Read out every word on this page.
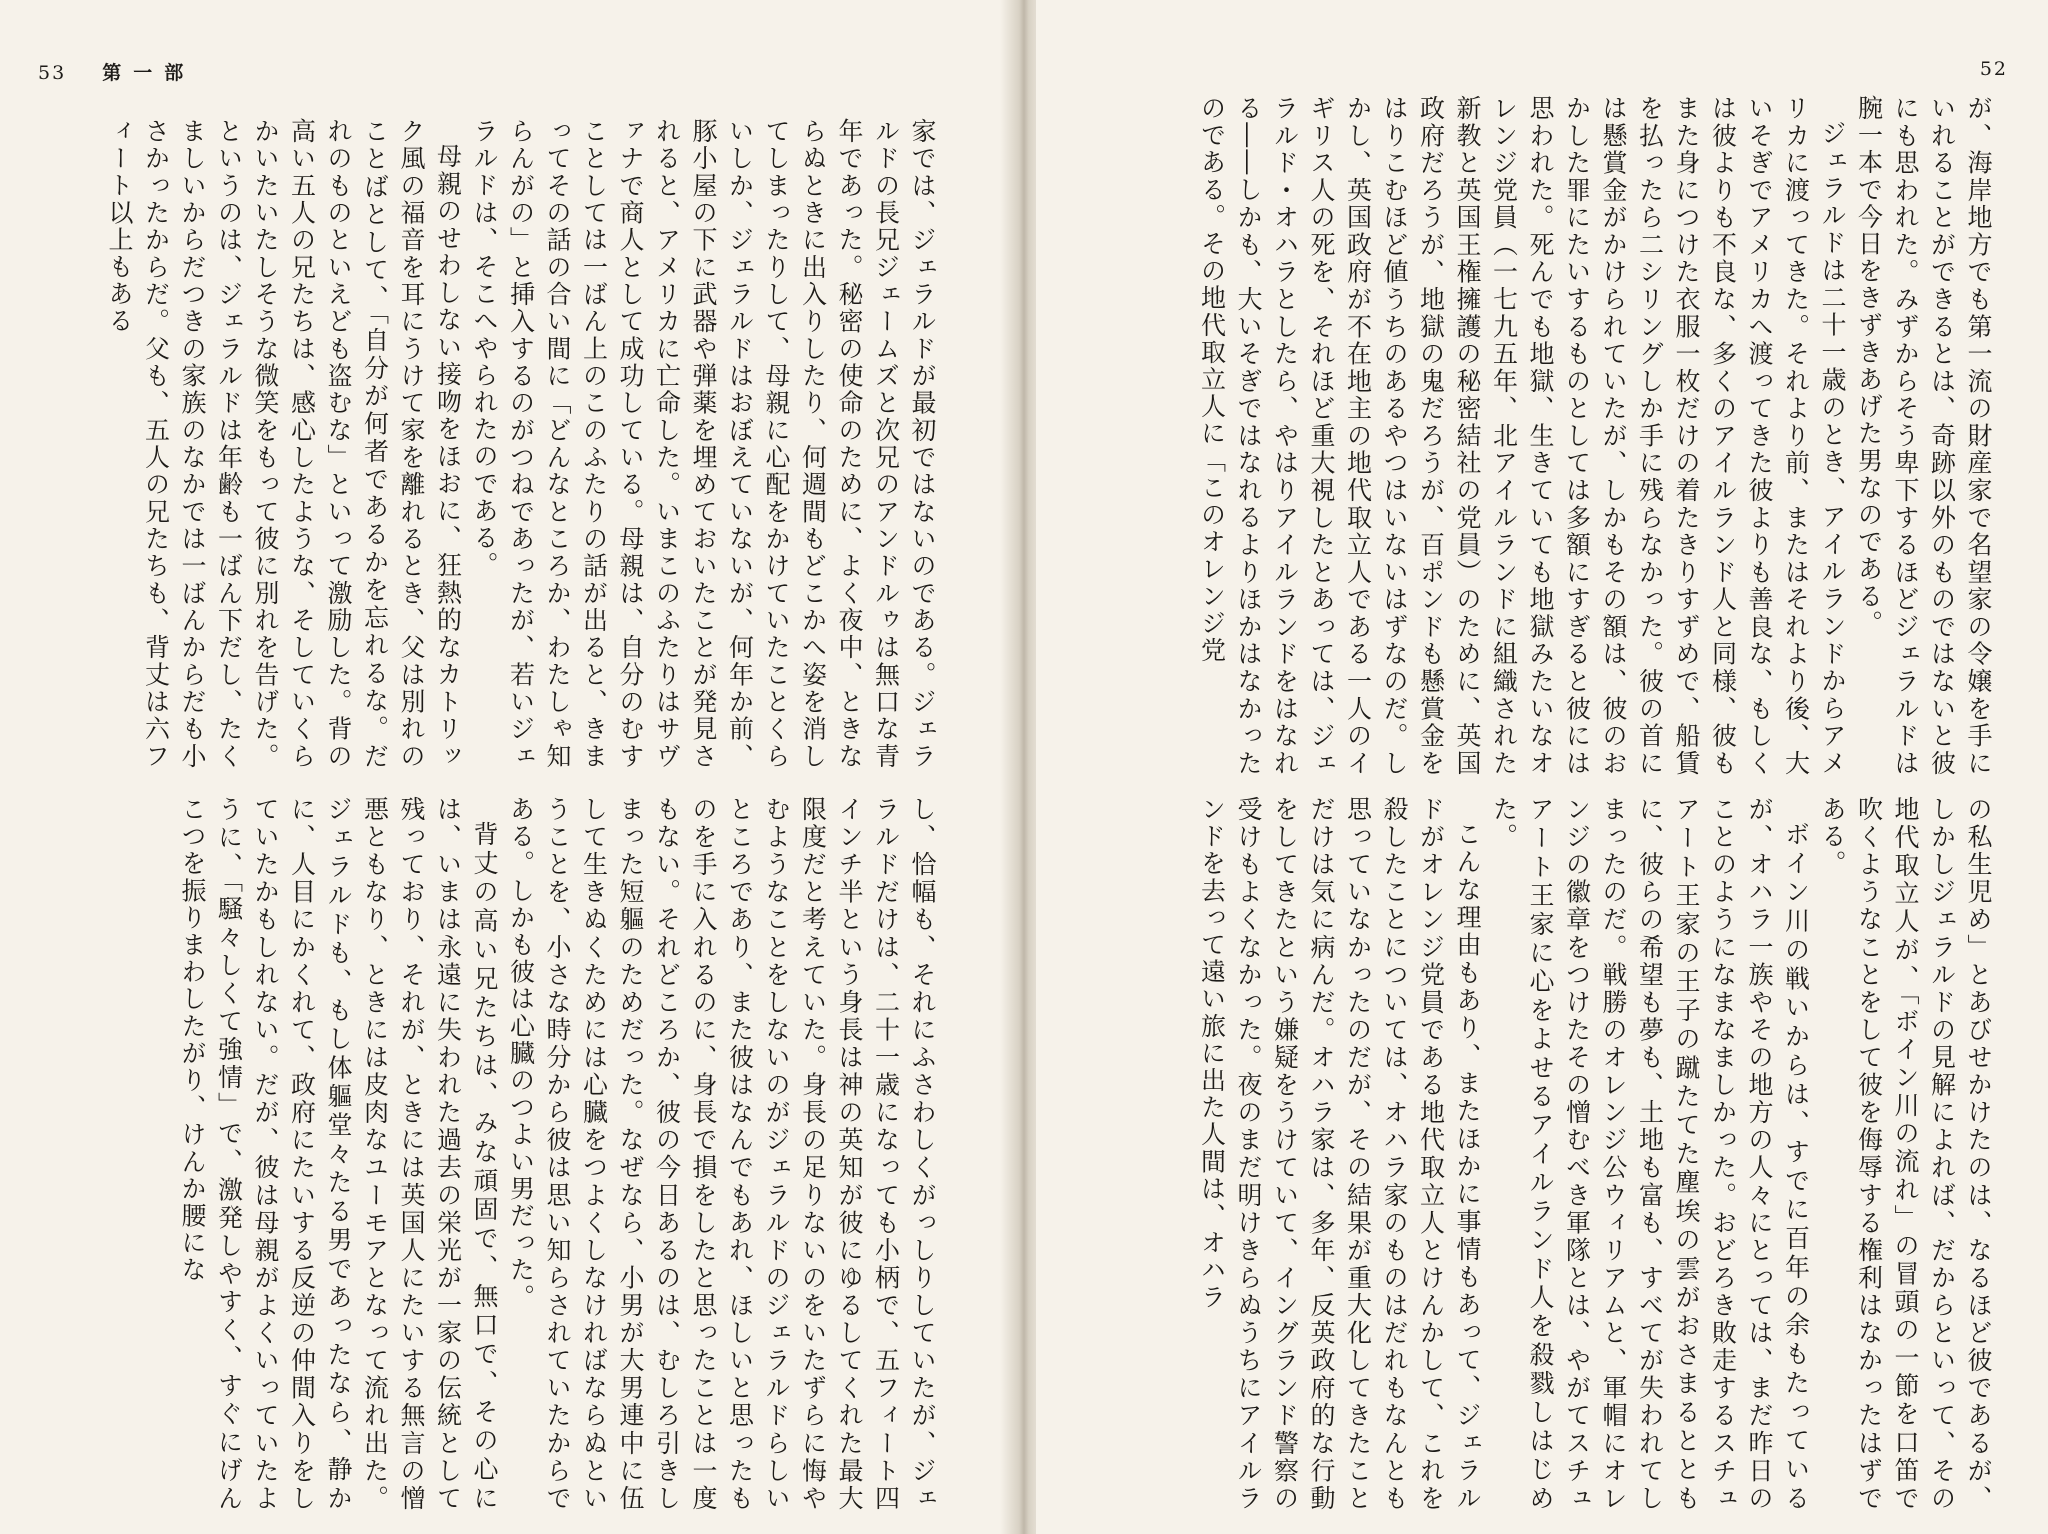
53 第一部

家では、ジェラルドが最初ではないのである。ジェラルドの長兄ジェームズと次兄のアンドルゥは無口な青年であった。秘密の使命のために、よく夜中、ときならぬときに出入りしたり、何週間もどこかへ姿を消してしまったりして、母親に心配をかけていたことくらいしか、ジェラルドはおぼえていないが、何年か前、豚小屋の下に武器や弾薬を埋めておいたことが発見されると、アメリカに亡命した。いまこのふたりはサヴァナで商人として成功している。母親は、自分のむすことしては一ばん上のこのふたりの話が出ると、きまってその話の合い間に「どんなところか、わたしゃ知らんがの」と挿入するのがつねであったが、若いジェラルドは、そこへやられたのである。

母親のせわしない接吻をほおに、狂熱的なカトリック風の福音を耳にうけて家を離れるとき、父は別れのことばとして、「自分が何者であるかを忘れるな。だれのものといえども盗むな」といって激励した。背の高い五人の兄たちは、感心したような、そしていくらかいたいたしそうな微笑をもって彼に別れを告げた。というのは、ジェラルドは年齢も一ばん下だし、たくましいからだつきの家族のなかでは一ばんからだも小さかったからだ。父も、五人の兄たちも、背丈は六フィート以上もある

し、恰幅も、それにふさわしくがっしりしていたが、ジェラルドだけは、二十一歳になっても小柄で、五フィート四インチ半という身長は神の英知が彼にゆるしてくれた最大限度だと考えていた。身長の足りないのをいたずらに悔やむようなことをしないのがジェラルドのジェラルドらしいところであり、また彼はなんでもあれ、ほしいと思ったものを手に入れるのに、身長で損をしたと思ったことは一度もない。それどころか、彼の今日あるのは、むしろ引きしまった短軀のためだった。なぜなら、小男が大男連中に伍して生きぬくためには心臓をつよくしなければならぬということを、小さな時分から彼は思い知らされていたからである。しかも彼は心臓のつよい男だった。

背丈の高い兄たちは、みな頑固で、無口で、その心には、いまは永遠に失われた過去の栄光が一家の伝統として残っており、それが、ときには英国人にたいする無言の憎悪ともなり、ときには皮肉なユーモアとなって流れ出た。ジェラルドも、もし体軀堂々たる男であったなら、静かに、人目にかくれて、政府にたいする反逆の仲間入りをしていたかもしれない。だが、彼は母親がよくいっていたように、「騒々しくて強情」で、激発しやすく、すぐにげんこつを振りまわしたがり、けんか腰にな

52

が、海岸地方でも第一流の財産家で名望家の令嬢を手にいれることができるとは、奇跡以外のものではないと彼にも思われた。みずからそう卑下するほどジェラルドは腕一本で今日をきずきあげた男なのである。

ジェラルドは二十一歳のとき、アイルランドからアメリカに渡ってきた。それより前、またはそれより後、大いそぎでアメリカへ渡ってきた彼よりも善良な、もしくは彼よりも不良な、多くのアイルランド人と同様、彼もまた身につけた衣服一枚だけの着たきりすずめで、船賃を払ったら二シリングしか手に残らなかった。彼の首には懸賞金がかけられていたが、しかもその額は、彼のおかした罪にたいするものとしては多額にすぎると彼には思われた。死んでも地獄、生きていても地獄みたいなオレンジ党員（一七九五年、北アイルランドに組織された新教と英国王権擁護の秘密結社の党員）のために、英国政府だろうが、地獄の鬼だろうが、百ポンドも懸賞金をはりこむほど値うちのあるやつはいないはずなのだ。しかし、英国政府が不在地主の地代取立人である一人のイギリス人の死を、それほど重大視したとあっては、ジェラルド・オハラとしたら、やはりアイルランドをはなれる――しかも、大いそぎではなれるよりほかはなかったのである。その地代取立人に「このオレンジ党

の私生児め」とあびせかけたのは、なるほど彼であるが、しかしジェラルドの見解によれば、だからといって、その地代取立人が、「ボイン川の流れ」の冒頭の一節を口笛で吹くようなことをして彼を侮辱する権利はなかったはずである。

ボイン川の戦いからは、すでに百年の余もたっているが、オハラ一族やその地方の人々にとっては、まだ昨日のことのようになまなましかった。おどろき敗走するスチュアート王家の王子の蹴たてた塵埃の雲がおさまるとともに、彼らの希望も夢も、土地も富も、すべてが失われてしまったのだ。戦勝のオレンジ公ウィリアムと、軍帽にオレンジの徽章をつけたその憎むべき軍隊とは、やがてスチュアート王家に心をよせるアイルランド人を殺戮しはじめた。

こんな理由もあり、またほかに事情もあって、ジェラルドがオレンジ党員である地代取立人とけんかして、これを殺したことについては、オハラ家のものはだれもなんとも思っていなかったのだが、その結果が重大化してきたことだけは気に病んだ。オハラ家は、多年、反英政府的な行動をしてきたという嫌疑をうけていて、イングランド警察の受けもよくなかった。夜のまだ明けきらぬうちにアイルランドを去って遠い旅に出た人間は、オハラ
